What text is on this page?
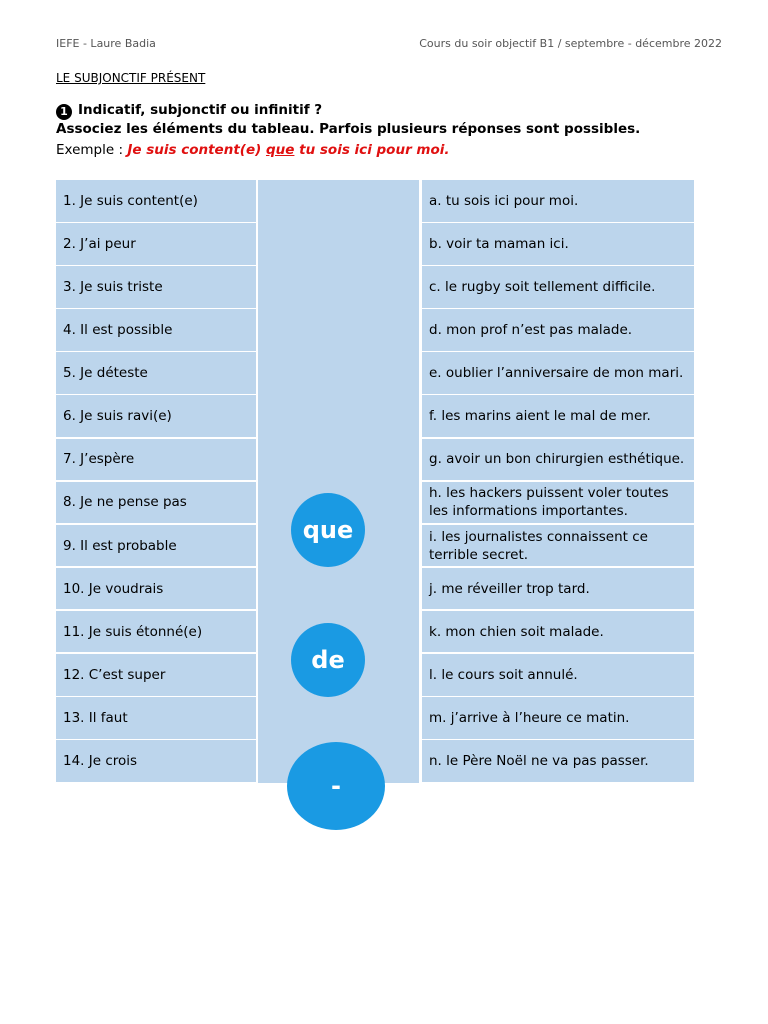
IEFE - Laure Badia	Cours du soir objectif B1 / septembre - décembre 2022
LE SUBJONCTIF PRÉSENT
1 Indicatif, subjonctif ou infinitif ?
Associez les éléments du tableau. Parfois plusieurs réponses sont possibles.
Exemple : Je suis content(e) que tu sois ici pour moi.
1. Je suis content(e)
2. J’ai peur
3. Je suis triste
4. Il est possible
5. Je déteste
6. Je suis ravi(e)
7. J’espère
8. Je ne pense pas
9. Il est probable
10. Je voudrais
11. Je suis étonné(e)
12. C’est super
13. Il faut
14. Je crois
a. tu sois ici pour moi.
b. voir ta maman ici.
c. le rugby soit tellement difficile.
d. mon prof n’est pas malade.
e. oublier l’anniversaire de mon mari.
f. les marins aient le mal de mer.
g. avoir un bon chirurgien esthétique.
h. les hackers puissent voler toutes les informations importantes.
i. les journalistes connaissent ce terrible secret.
j. me réveiller trop tard.
k. mon chien soit malade.
l. le cours soit annulé.
m. j’arrive à l’heure ce matin.
n. le Père Noël ne va pas passer.
que
de
-
